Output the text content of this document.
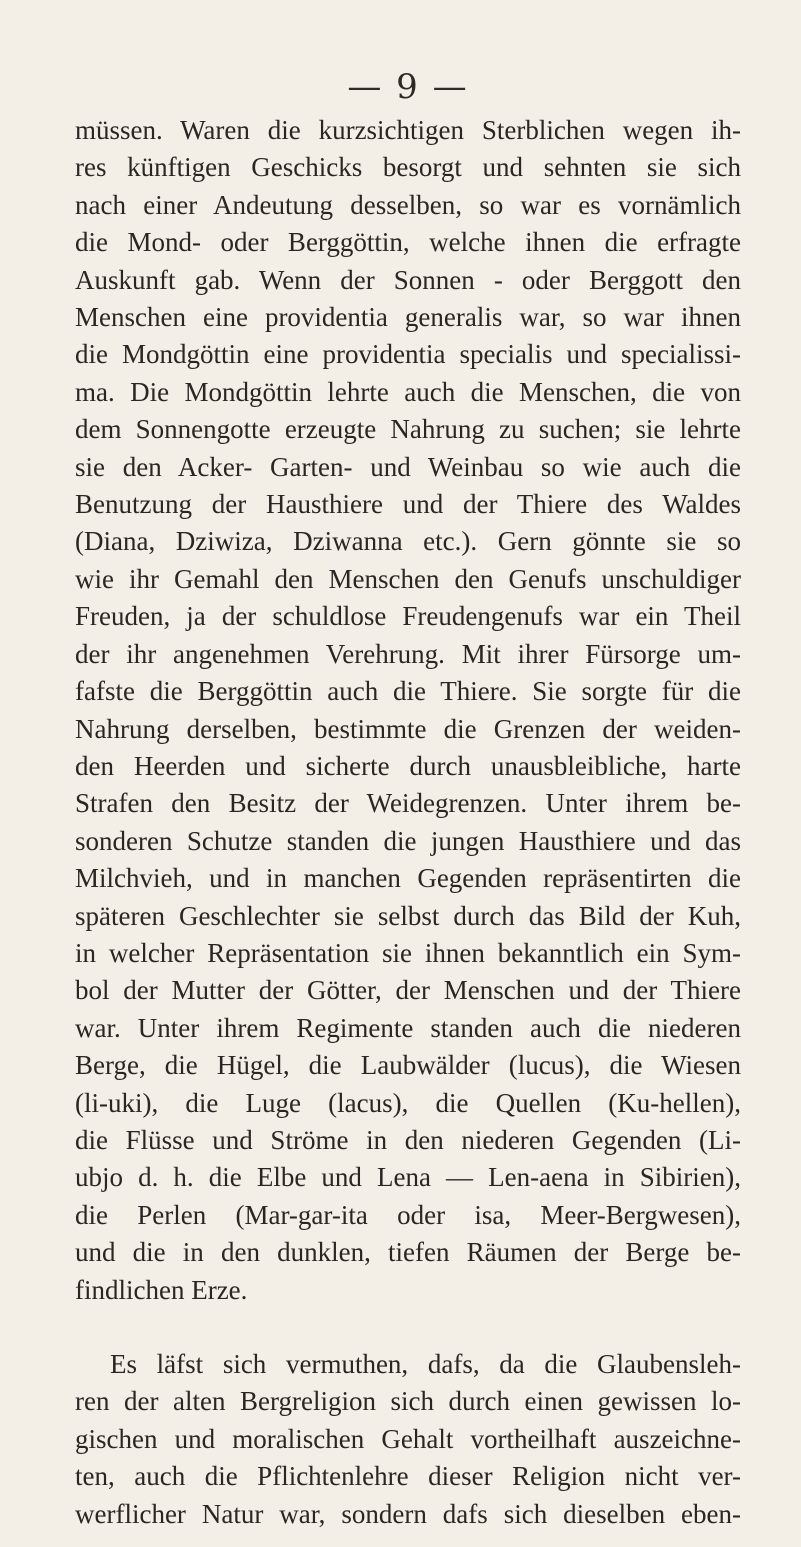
— 9 —
müssen. Waren die kurzsichtigen Sterblichen wegen ih-
res künftigen Geschicks besorgt und sehnten sie sich
nach einer Andeutung desselben, so war es vornämlich
die Mond- oder Berggöttin, welche ihnen die erfragte
Auskunft gab. Wenn der Sonnen - oder Berggott den
Menschen eine providentia generalis war, so war ihnen
die Mondgöttin eine providentia specialis und specialissi-
ma. Die Mondgöttin lehrte auch die Menschen, die von
dem Sonnengotte erzeugte Nahrung zu suchen; sie lehrte
sie den Acker- Garten- und Weinbau so wie auch die
Benutzung der Hausthiere und der Thiere des Waldes
(Diana, Dziwiza, Dziwanna etc.). Gern gönnte sie so
wie ihr Gemahl den Menschen den Genufs unschuldiger
Freuden, ja der schuldlose Freudengenufs war ein Theil
der ihr angenehmen Verehrung. Mit ihrer Fürsorge um-
fafste die Berggöttin auch die Thiere. Sie sorgte für die
Nahrung derselben, bestimmte die Grenzen der weiden-
den Heerden und sicherte durch unausbleibliche, harte
Strafen den Besitz der Weidegrenzen. Unter ihrem be-
sonderen Schutze standen die jungen Hausthiere und das
Milchvieh, und in manchen Gegenden repräsentirten die
späteren Geschlechter sie selbst durch das Bild der Kuh,
in welcher Repräsentation sie ihnen bekanntlich ein Sym-
bol der Mutter der Götter, der Menschen und der Thiere
war. Unter ihrem Regimente standen auch die niederen
Berge, die Hügel, die Laubwälder (lucus), die Wiesen
(li-uki), die Luge (lacus), die Quellen (Ku-hellen),
die Flüsse und Ströme in den niederen Gegenden (Li-
ubjo d. h. die Elbe und Lena — Len-aena in Sibirien),
die Perlen (Mar-gar-ita oder isa, Meer-Bergwesen),
und die in den dunklen, tiefen Räumen der Berge be-
findlichen Erze.
Es läfst sich vermuthen, dafs, da die Glaubensleh-
ren der alten Bergreligion sich durch einen gewissen lo-
gischen und moralischen Gehalt vortheilhaft auszeichne-
ten, auch die Pflichtenlehre dieser Religion nicht ver-
werflicher Natur war, sondern dafs sich dieselben eben-
